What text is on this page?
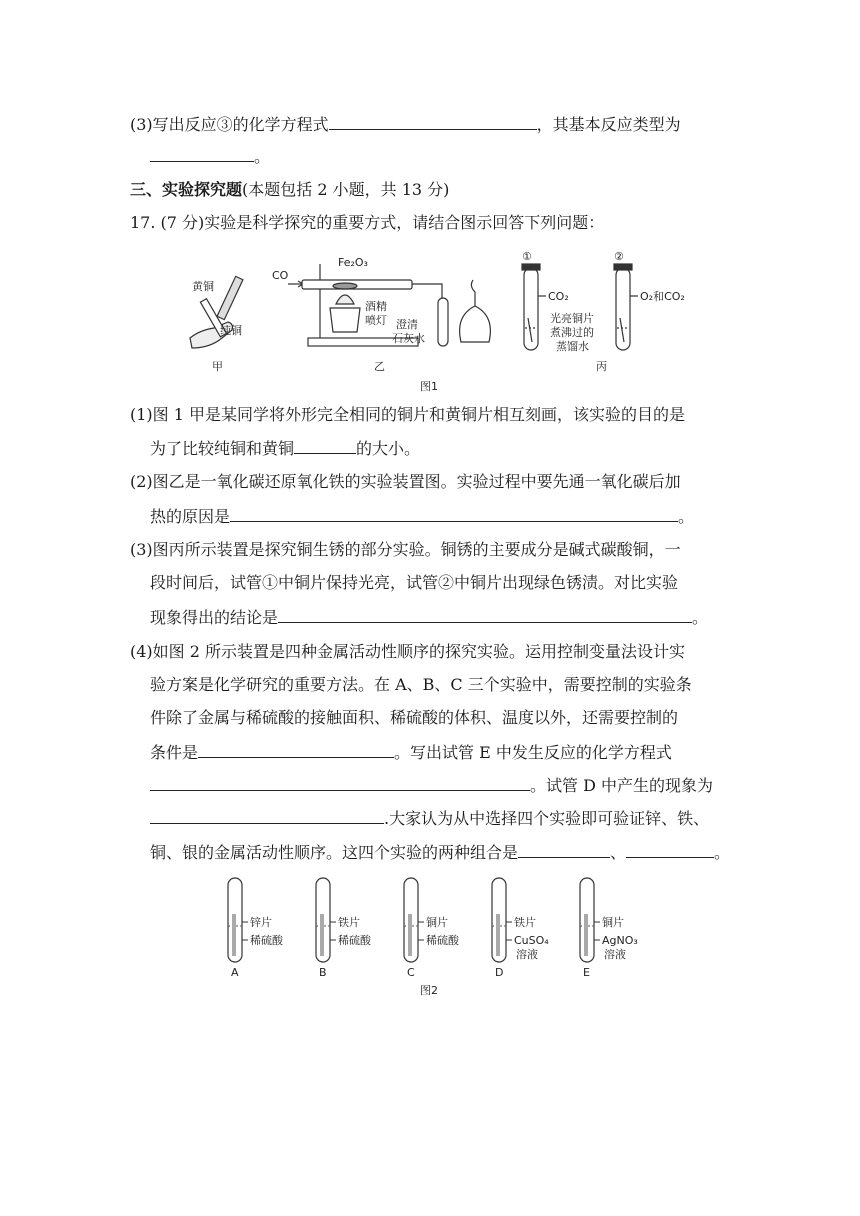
(3)写出反应③的化学方程式	，其基本反应类型为
。
三、实验探究题(本题包括 2 小题，共 13 分)
17. (7 分)实验是科学探究的重要方式，请结合图示回答下列问题：
黄铜
纯铜
甲
CO
Fe₂O₃
酒精
喷灯 澄清
石灰水
乙
①	②
CO₂	O₂和CO₂
光亮铜片
煮沸过的
蒸馏水
丙
图1
(1)图 1 甲是某同学将外形完全相同的铜片和黄铜片相互刻画，该实验的目的是
为了比较纯铜和黄铜	的大小。
(2)图乙是一氧化碳还原氧化铁的实验装置图。实验过程中要先通一氧化碳后加
热的原因是	。
(3)图丙所示装置是探究铜生锈的部分实验。铜锈的主要成分是碱式碳酸铜，一
段时间后，试管①中铜片保持光亮，试管②中铜片出现绿色锈渍。对比实验
现象得出的结论是	。
(4)如图 2 所示装置是四种金属活动性顺序的探究实验。运用控制变量法设计实
验方案是化学研究的重要方法。在 A、B、C 三个实验中，需要控制的实验条
件除了金属与稀硫酸的接触面积、稀硫酸的体积、温度以外，还需要控制的
条件是	。写出试管 E 中发生反应的化学方程式
。试管 D 中产生的现象为
.大家认为从中选择四个实验即可验证锌、铁、
铜、银的金属活动性顺序。这四个实验的两种组合是	、	。
锌片
稀硫酸
A
铁片
稀硫酸
B
铜片
稀硫酸
C
铁片
CuSO₄
溶液
D
铜片
AgNO₃
溶液
E
图2
